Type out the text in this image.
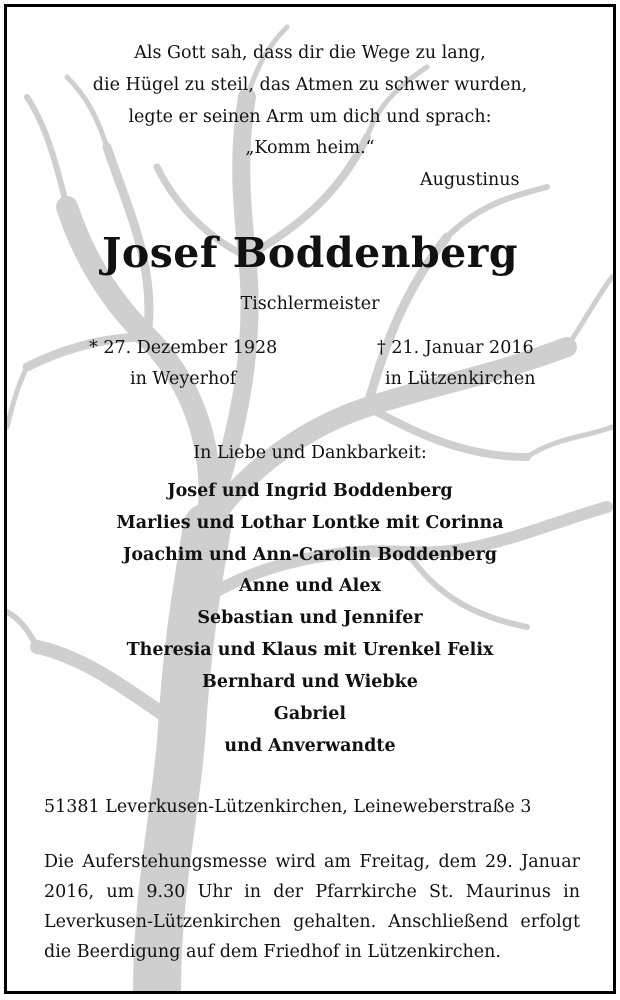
Als Gott sah, dass dir die Wege zu lang,
die Hügel zu steil, das Atmen zu schwer wurden,
legte er seinen Arm um dich und sprach:
„Komm heim.“
Augustinus
Josef Boddenberg
Tischlermeister
* 27. Dezember 1928
in Weyerhof
† 21. Januar 2016
in Lützenkirchen
In Liebe und Dankbarkeit:
Josef und Ingrid Boddenberg
Marlies und Lothar Lontke mit Corinna
Joachim und Ann-Carolin Boddenberg
Anne und Alex
Sebastian und Jennifer
Theresia und Klaus mit Urenkel Felix
Bernhard und Wiebke
Gabriel
und Anverwandte
51381 Leverkusen-Lützenkirchen, Leineweberstraße 3
Die Auferstehungsmesse wird am Freitag, dem 29. Januar 2016, um 9.30 Uhr in der Pfarrkirche St. Maurinus in Leverkusen-Lützenkirchen gehalten. Anschließend erfolgt die Beerdigung auf dem Friedhof in Lützenkirchen.
